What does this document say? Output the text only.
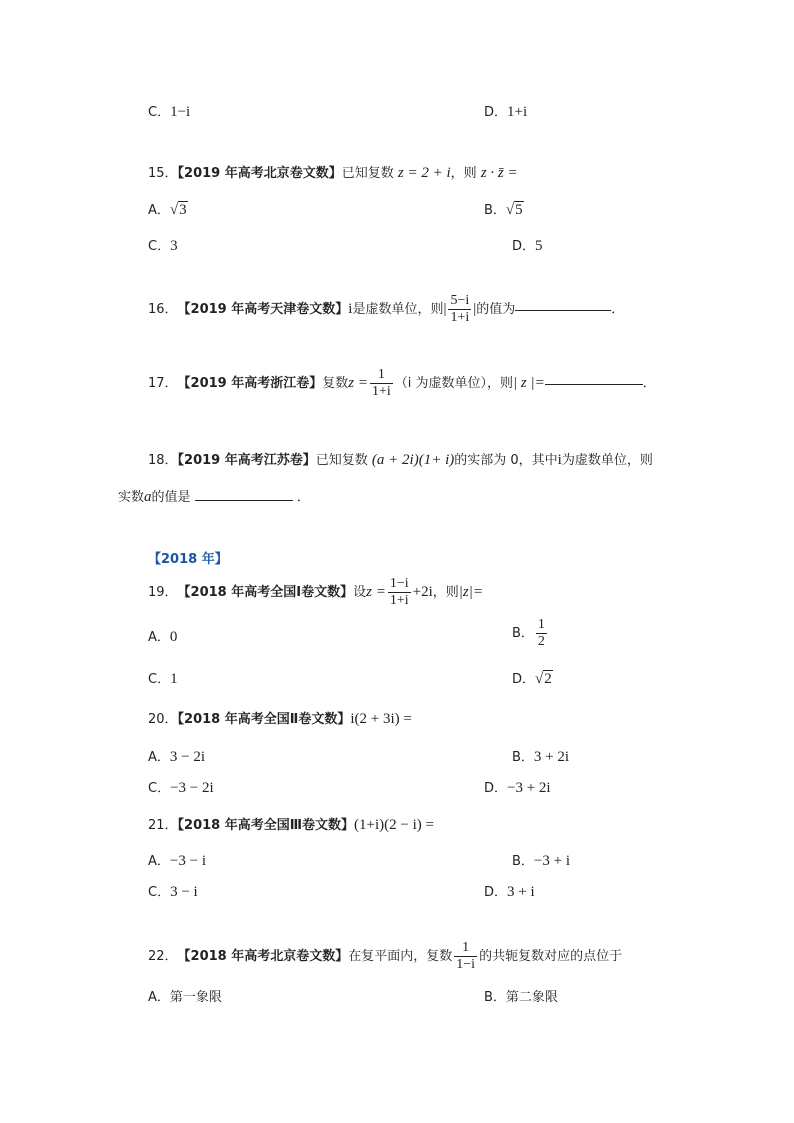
C．1−i	D．1+i
15．【2019 年高考北京卷文数】已知复数 z = 2 + i，则 z · z̄ =
A．√3	B．√5
C．3	D．5
16． 【2019 年高考天津卷文数】 i 是虚数单位，则 | $\frac{5-i}{1+i}$ | 的值为	．
17． 【2019 年高考浙江卷】 复数 $z = \frac{1}{1+i} (i$ 为虚数单位），则 | z |=	．
18．【2019 年高考江苏卷】已知复数 (a + 2i)(1+ i)的实部为 0，其中i为虚数单位，则
实数a的值是	．
【2018 年】
19． 【2018 年高考全国Ⅰ卷文数】 设 $z = \frac{1-i}{1+i} +2i$ ，则 |z|=
A．0	B． $\frac{1}{2}$
C．1	D．√2
20．【2018 年高考全国Ⅱ卷文数】i(2 + 3i) =
A．3 − 2i	B．3 + 2i
C．−3 − 2i	D．−3 + 2i
21．【2018 年高考全国Ⅲ卷文数】(1+i)(2 − i) =
A．−3 − i	B．−3 + i
C．3 − i	D．3 + i
22． 【2018 年高考北京卷文数】 在复平面内，复数 $\frac{1}{1-i}$ 的共轭复数对应的点位于
A．第一象限	B．第二象限
